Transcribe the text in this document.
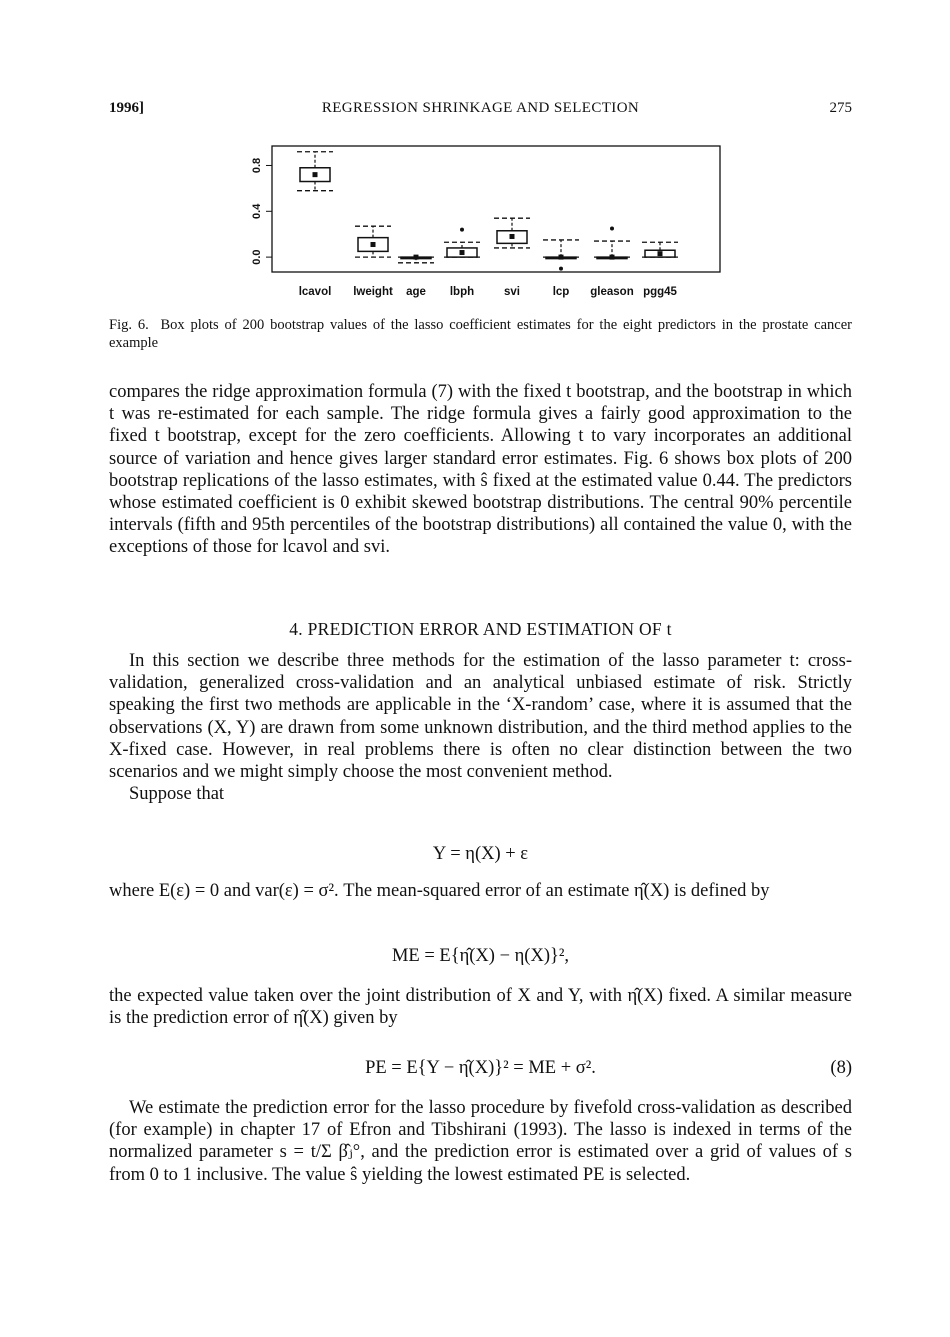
1996]	REGRESSION SHRINKAGE AND SELECTION	275
0.0
0.4
0.8
lcavol lweight age lbph	svi	lcp gleason pgg45
Fig. 6. Box plots of 200 bootstrap values of the lasso coefficient estimates for the eight predictors in the prostate cancer example

compares the ridge approximation formula (7) with the fixed t bootstrap, and the bootstrap in which t was re-estimated for each sample. The ridge formula gives a fairly good approximation to the fixed t bootstrap, except for the zero coefficients. Allowing t to vary incorporates an additional source of variation and hence gives larger standard error estimates. Fig. 6 shows box plots of 200 bootstrap replications of the lasso estimates, with ŝ fixed at the estimated value 0.44. The predictors whose estimated coefficient is 0 exhibit skewed bootstrap distributions. The central 90% percentile intervals (fifth and 95th percentiles of the bootstrap distributions) all contained the value 0, with the exceptions of those for lcavol and svi.

4. PREDICTION ERROR AND ESTIMATION OF t

In this section we describe three methods for the estimation of the lasso parameter t: cross-validation, generalized cross-validation and an analytical unbiased estimate of risk. Strictly speaking the first two methods are applicable in the ‘X-random’ case, where it is assumed that the observations (X, Y) are drawn from some unknown distribution, and the third method applies to the X-fixed case. However, in real problems there is often no clear distinction between the two scenarios and we might simply choose the most convenient method.

Suppose that

Y = η(X) + ε

where E(ε) = 0 and var(ε) = σ². The mean-squared error of an estimate η̂(X) is defined by

ME = E{η̂(X) − η(X)}²,

the expected value taken over the joint distribution of X and Y, with η̂(X) fixed. A similar measure is the prediction error of η̂(X) given by

PE = E{Y − η̂(X)}² = ME + σ².	(8)

We estimate the prediction error for the lasso procedure by fivefold cross-validation as described (for example) in chapter 17 of Efron and Tibshirani (1993). The lasso is indexed in terms of the normalized parameter s = t/Σ β̂ⱼ°, and the prediction error is estimated over a grid of values of s from 0 to 1 inclusive. The value ŝ yielding the lowest estimated PE is selected.
